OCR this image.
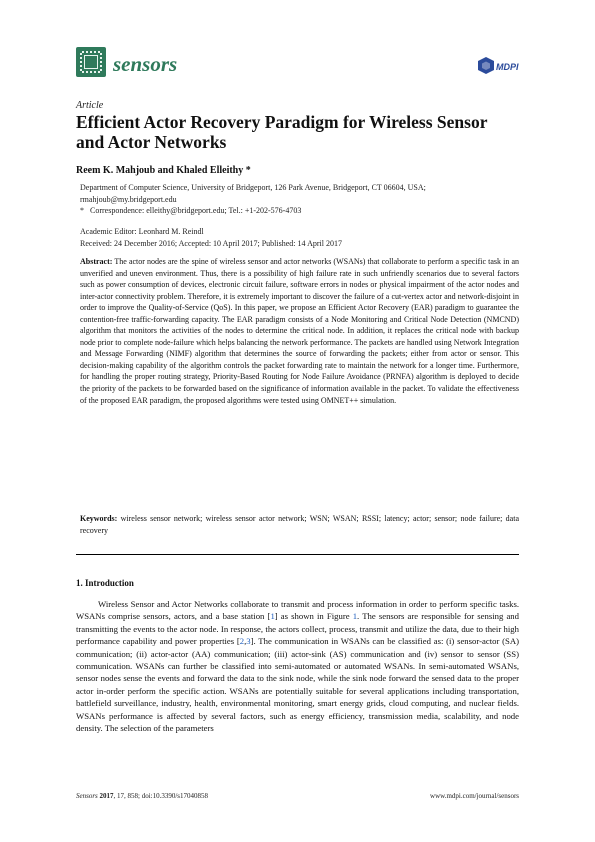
sensors	MDPI
Article
Efficient Actor Recovery Paradigm for Wireless Sensor and Actor Networks
Reem K. Mahjoub and Khaled Elleithy *
Department of Computer Science, University of Bridgeport, 126 Park Avenue, Bridgeport, CT 06604, USA;
rmahjoub@my.bridgeport.edu
* Correspondence: elleithy@bridgeport.edu; Tel.: +1-202-576-4703
Academic Editor: Leonhard M. Reindl
Received: 24 December 2016; Accepted: 10 April 2017; Published: 14 April 2017
Abstract: The actor nodes are the spine of wireless sensor and actor networks (WSANs) that collaborate to perform a specific task in an unverified and uneven environment. Thus, there is a possibility of high failure rate in such unfriendly scenarios due to several factors such as power consumption of devices, electronic circuit failure, software errors in nodes or physical impairment of the actor nodes and inter-actor connectivity problem. Therefore, it is extremely important to discover the failure of a cut-vertex actor and network-disjoint in order to improve the Quality-of-Service (QoS). In this paper, we propose an Efficient Actor Recovery (EAR) paradigm to guarantee the contention-free traffic-forwarding capacity. The EAR paradigm consists of a Node Monitoring and Critical Node Detection (NMCND) algorithm that monitors the activities of the nodes to determine the critical node. In addition, it replaces the critical node with backup node prior to complete node-failure which helps balancing the network performance. The packets are handled using Network Integration and Message Forwarding (NIMF) algorithm that determines the source of forwarding the packets; either from actor or sensor. This decision-making capability of the algorithm controls the packet forwarding rate to maintain the network for a longer time. Furthermore, for handling the proper routing strategy, Priority-Based Routing for Node Failure Avoidance (PRNFA) algorithm is deployed to decide the priority of the packets to be forwarded based on the significance of information available in the packet. To validate the effectiveness of the proposed EAR paradigm, the proposed algorithms were tested using OMNET++ simulation.
Keywords: wireless sensor network; wireless sensor actor network; WSN; WSAN; RSSI; latency; actor; sensor; node failure; data recovery
1. Introduction
Wireless Sensor and Actor Networks collaborate to transmit and process information in order to perform specific tasks. WSANs comprise sensors, actors, and a base station [1] as shown in Figure 1. The sensors are responsible for sensing and transmitting the events to the actor node. In response, the actors collect, process, transmit and utilize the data, due to their high performance capability and power properties [2,3]. The communication in WSANs can be classified as: (i) sensor-actor (SA) communication; (ii) actor-actor (AA) communication; (iii) actor-sink (AS) communication and (iv) sensor to sensor (SS) communication. WSANs can further be classified into semi-automated or automated WSANs. In semi-automated WSANs, sensor nodes sense the events and forward the data to the sink node, while the sink node forward the sensed data to the proper actor in-order perform the specific action. WSANs are potentially suitable for several applications including transportation, battlefield surveillance, industry, health, environmental monitoring, smart energy grids, cloud computing, and nuclear fields. WSANs performance is affected by several factors, such as energy efficiency, transmission media, scalability, and node density. The selection of the parameters
Sensors 2017, 17, 858; doi:10.3390/s17040858	www.mdpi.com/journal/sensors
